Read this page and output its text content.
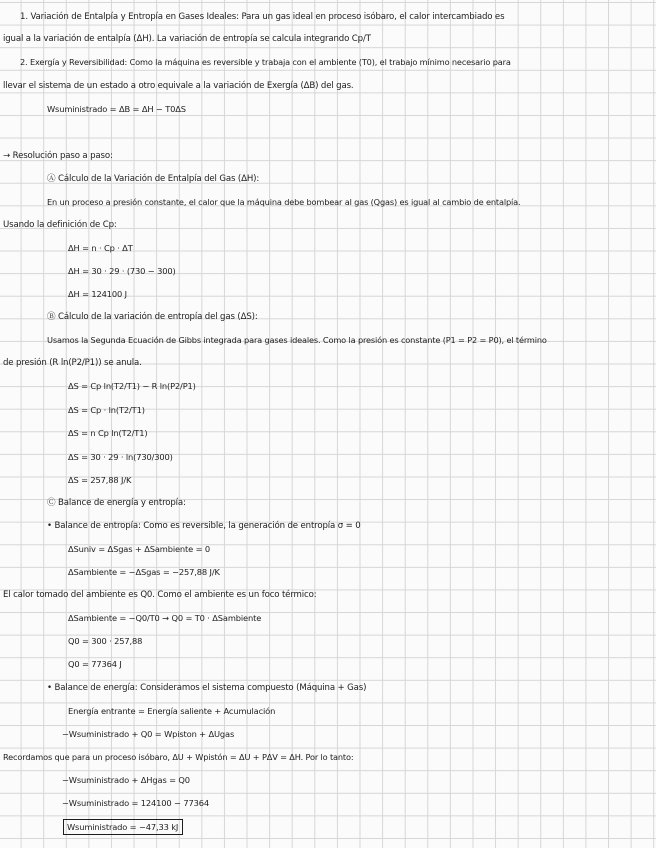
1. Variación de Entalpía y Entropía en Gases Ideales: Para un gas ideal en proceso isóbaro, el calor intercambiado es
igual a la variación de entalpía (ΔH). La variación de entropía se calcula integrando Cp/T
2. Exergía y Reversibilidad: Como la máquina es reversible y trabaja con el ambiente (T0), el trabajo mínimo necesario para
llevar el sistema de un estado a otro equivale a la variación de Exergía (ΔB) del gas.
Wsuministrado = ΔB = ΔH − T0ΔS
→ Resolución paso a paso:
Ⓐ Cálculo de la Variación de Entalpía del Gas (ΔH):
En un proceso a presión constante, el calor que la máquina debe bombear al gas (Qgas) es igual al cambio de entalpía.
Usando la definición de Cp:
ΔH = n · Cp · ΔT
ΔH = 30 · 29 · (730 − 300)
ΔH = 124100 J
Ⓑ Cálculo de la variación de entropía del gas (ΔS):
Usamos la Segunda Ecuación de Gibbs integrada para gases ideales. Como la presión es constante (P1 = P2 = P0), el término
de presión (R ln(P2/P1)) se anula.
ΔS = Cp ln(T2/T1) − R ln(P2/P1)
ΔS = Cp · ln(T2/T1)
ΔS = n Cp ln(T2/T1)
ΔS = 30 · 29 · ln(730/300)
ΔS = 257,88 J/K
Ⓒ Balance de energía y entropía:
• Balance de entropía: Como es reversible, la generación de entropía σ = 0
ΔSuniv = ΔSgas + ΔSambiente = 0
ΔSambiente = −ΔSgas = −257,88 J/K
El calor tomado del ambiente es Q0. Como el ambiente es un foco térmico:
ΔSambiente = −Q0/T0 → Q0 = T0 · ΔSambiente
Q0 = 300 · 257,88
Q0 = 77364 J
• Balance de energía: Consideramos el sistema compuesto (Máquina + Gas)
Energía entrante = Energía saliente + Acumulación
−Wsuministrado + Q0 = Wpiston + ΔUgas
Recordamos que para un proceso isóbaro, ΔU + Wpistón = ΔU + PΔV = ΔH. Por lo tanto:
−Wsuministrado + ΔHgas = Q0
−Wsuministrado = 124100 − 77364
Wsuministrado = −47,33 kJ
